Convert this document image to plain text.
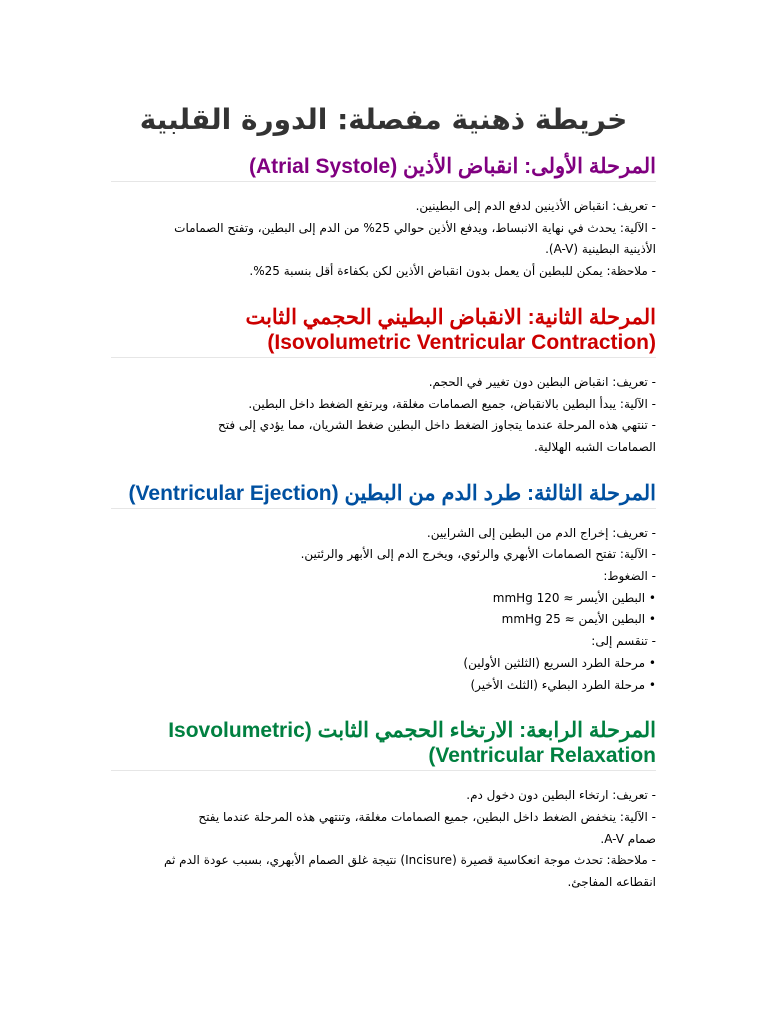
خريطة ذهنية مفصلة: الدورة القلبية
المرحلة الأولى: انقباض الأذين (Atrial Systole)
- تعريف: انقباض الأذينين لدفع الدم إلى البطينين.
- الآلية: يحدث في نهاية الانبساط، ويدفع الأذين حوالي 25% من الدم إلى البطين، وتفتح الصمامات
الأذينية البطينية (A-V).
- ملاحظة: يمكن للبطين أن يعمل بدون انقباض الأذين لكن بكفاءة أقل بنسبة 25%.
المرحلة الثانية: الانقباض البطيني الحجمي الثابت (Isovolumetric Ventricular Contraction)
- تعريف: انقباض البطين دون تغيير في الحجم.
- الآلية: يبدأ البطين بالانقباض، جميع الصمامات مغلقة، ويرتفع الضغط داخل البطين.
- تنتهي هذه المرحلة عندما يتجاوز الضغط داخل البطين ضغط الشريان، مما يؤدي إلى فتح
الصمامات الشبه الهلالية.
المرحلة الثالثة: طرد الدم من البطين (Ventricular Ejection)
- تعريف: إخراج الدم من البطين إلى الشرايين.
- الآلية: تفتح الصمامات الأبهري والرئوي، ويخرج الدم إلى الأبهر والرئتين.
- الضغوط:
• البطين الأيسر ≈ 120 mmHg
• البطين الأيمن ≈ 25 mmHg
- تنقسم إلى:
• مرحلة الطرد السريع (الثلثين الأولين)
• مرحلة الطرد البطيء (الثلث الأخير)
المرحلة الرابعة: الارتخاء الحجمي الثابت (Isovolumetric Ventricular Relaxation)
- تعريف: ارتخاء البطين دون دخول دم.
- الآلية: ينخفض الضغط داخل البطين، جميع الصمامات مغلقة، وتنتهي هذه المرحلة عندما يفتح
صمام A-V.
- ملاحظة: تحدث موجة انعكاسية قصيرة (Incisure) نتيجة غلق الصمام الأبهري، بسبب عودة الدم ثم
انقطاعه المفاجئ.
